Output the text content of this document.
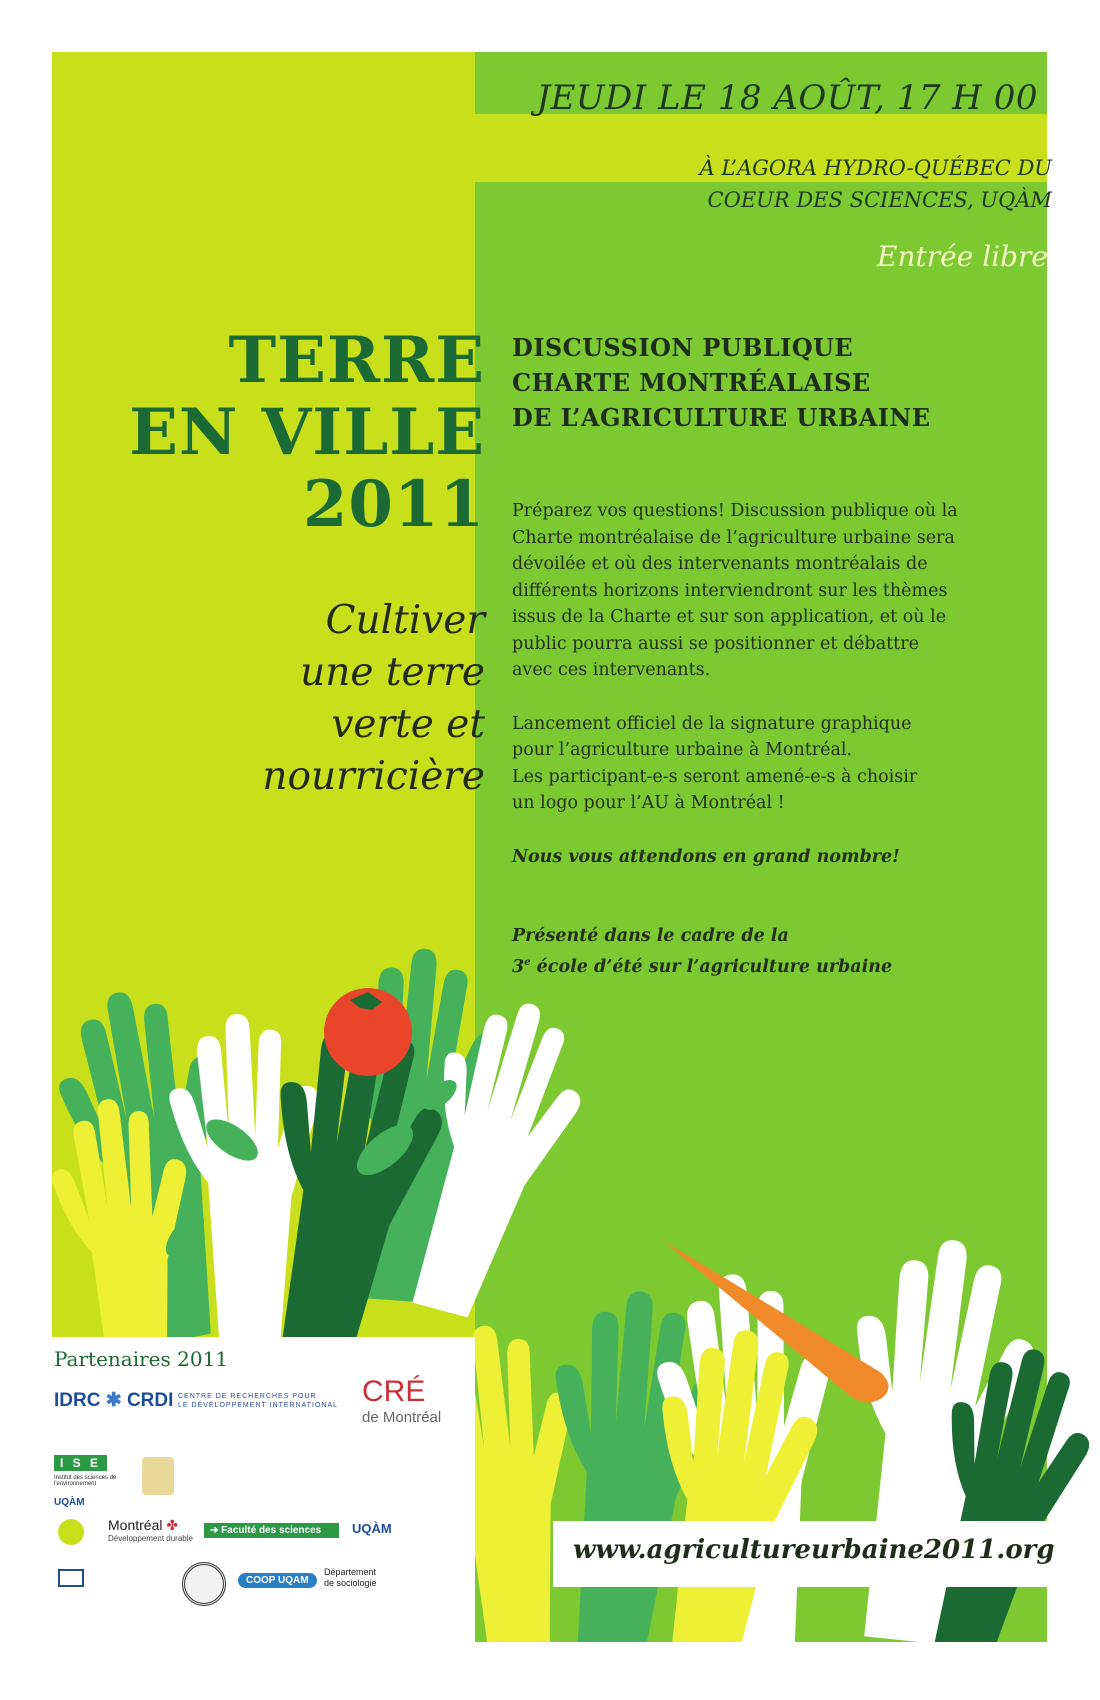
JEUDI LE 18 AOÛT, 17 H 00
À L’AGORA HYDRO-QUÉBEC DU
COEUR DES SCIENCES, UQÀM
Entrée libre
TERRE
EN VILLE
2011
Cultiver
une terre
verte et
nourricière
DISCUSSION PUBLIQUE
CHARTE MONTRÉALAISE
DE L’AGRICULTURE URBAINE
Préparez vos questions! Discussion publique où la
Charte montréalaise de l’agriculture urbaine sera
dévoilée et où des intervenants montréalais de
différents horizons interviendront sur les thèmes
issus de la Charte et sur son application, et où le
public pourra aussi se positionner et débattre
avec ces intervenants.
Lancement officiel de la signature graphique
pour l’agriculture urbaine à Montréal.
Les participant-e-s seront amené-e-s à choisir
un logo pour l’AU à Montréal !
Nous vous attendons en grand nombre!
Présenté dans le cadre de la
3e école d’été sur l’agriculture urbaine
Partenaires 2011
IDRC ✱ CRDI CENTRE DE RECHERCHES POUR
LE DÉVELOPPEMENT INTERNATIONAL CRÉ
de Montréal
I S E
Institut des sciences de l'environnement
UQÀM
Montréal ✤
Développement durable
➔ Faculté des sciences	UQÀM
COOP UQAM
Département
de sociologie
www.agricultureurbaine2011.org
